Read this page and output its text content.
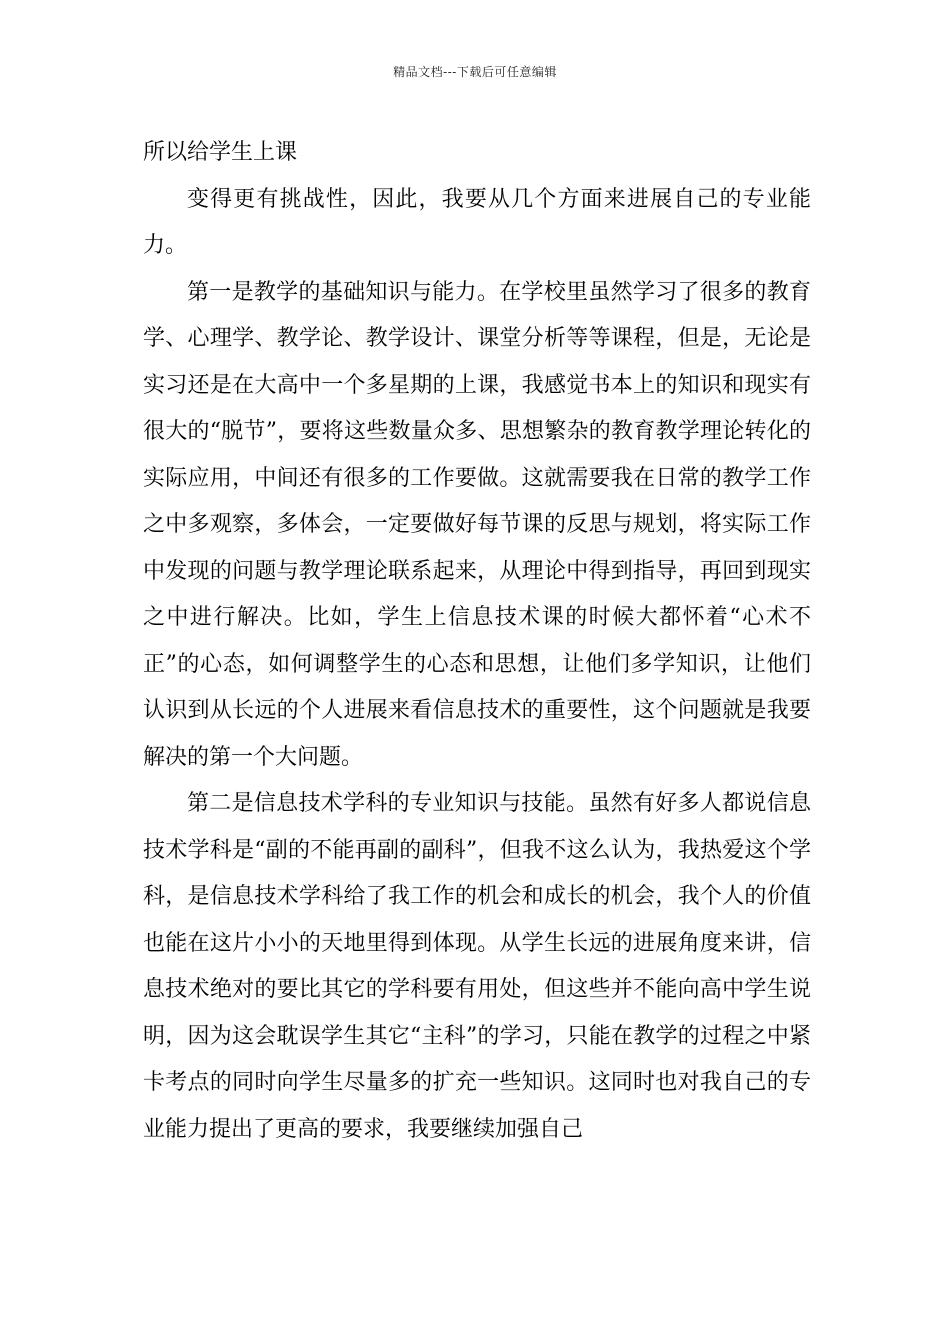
精品文档---下载后可任意编辑

所以给学生上课

变得更有挑战性，因此，我要从几个方面来进展自己的专业能力。

第一是教学的基础知识与能力。在学校里虽然学习了很多的教育学、心理学、教学论、教学设计、课堂分析等等课程，但是，无论是实习还是在大高中一个多星期的上课，我感觉书本上的知识和现实有很大的“脱节”，要将这些数量众多、思想繁杂的教育教学理论转化的实际应用，中间还有很多的工作要做。这就需要我在日常的教学工作之中多观察，多体会，一定要做好每节课的反思与规划，将实际工作中发现的问题与教学理论联系起来，从理论中得到指导，再回到现实之中进行解决。比如，学生上信息技术课的时候大都怀着“心术不正”的心态，如何调整学生的心态和思想，让他们多学知识，让他们认识到从长远的个人进展来看信息技术的重要性，这个问题就是我要解决的第一个大问题。

第二是信息技术学科的专业知识与技能。虽然有好多人都说信息技术学科是“副的不能再副的副科”，但我不这么认为，我热爱这个学科，是信息技术学科给了我工作的机会和成长的机会，我个人的价值也能在这片小小的天地里得到体现。从学生长远的进展角度来讲，信息技术绝对的要比其它的学科要有用处，但这些并不能向高中学生说明，因为这会耽误学生其它“主科”的学习，只能在教学的过程之中紧卡考点的同时向学生尽量多的扩充一些知识。这同时也对我自己的专业能力提出了更高的要求，我要继续加强自己
